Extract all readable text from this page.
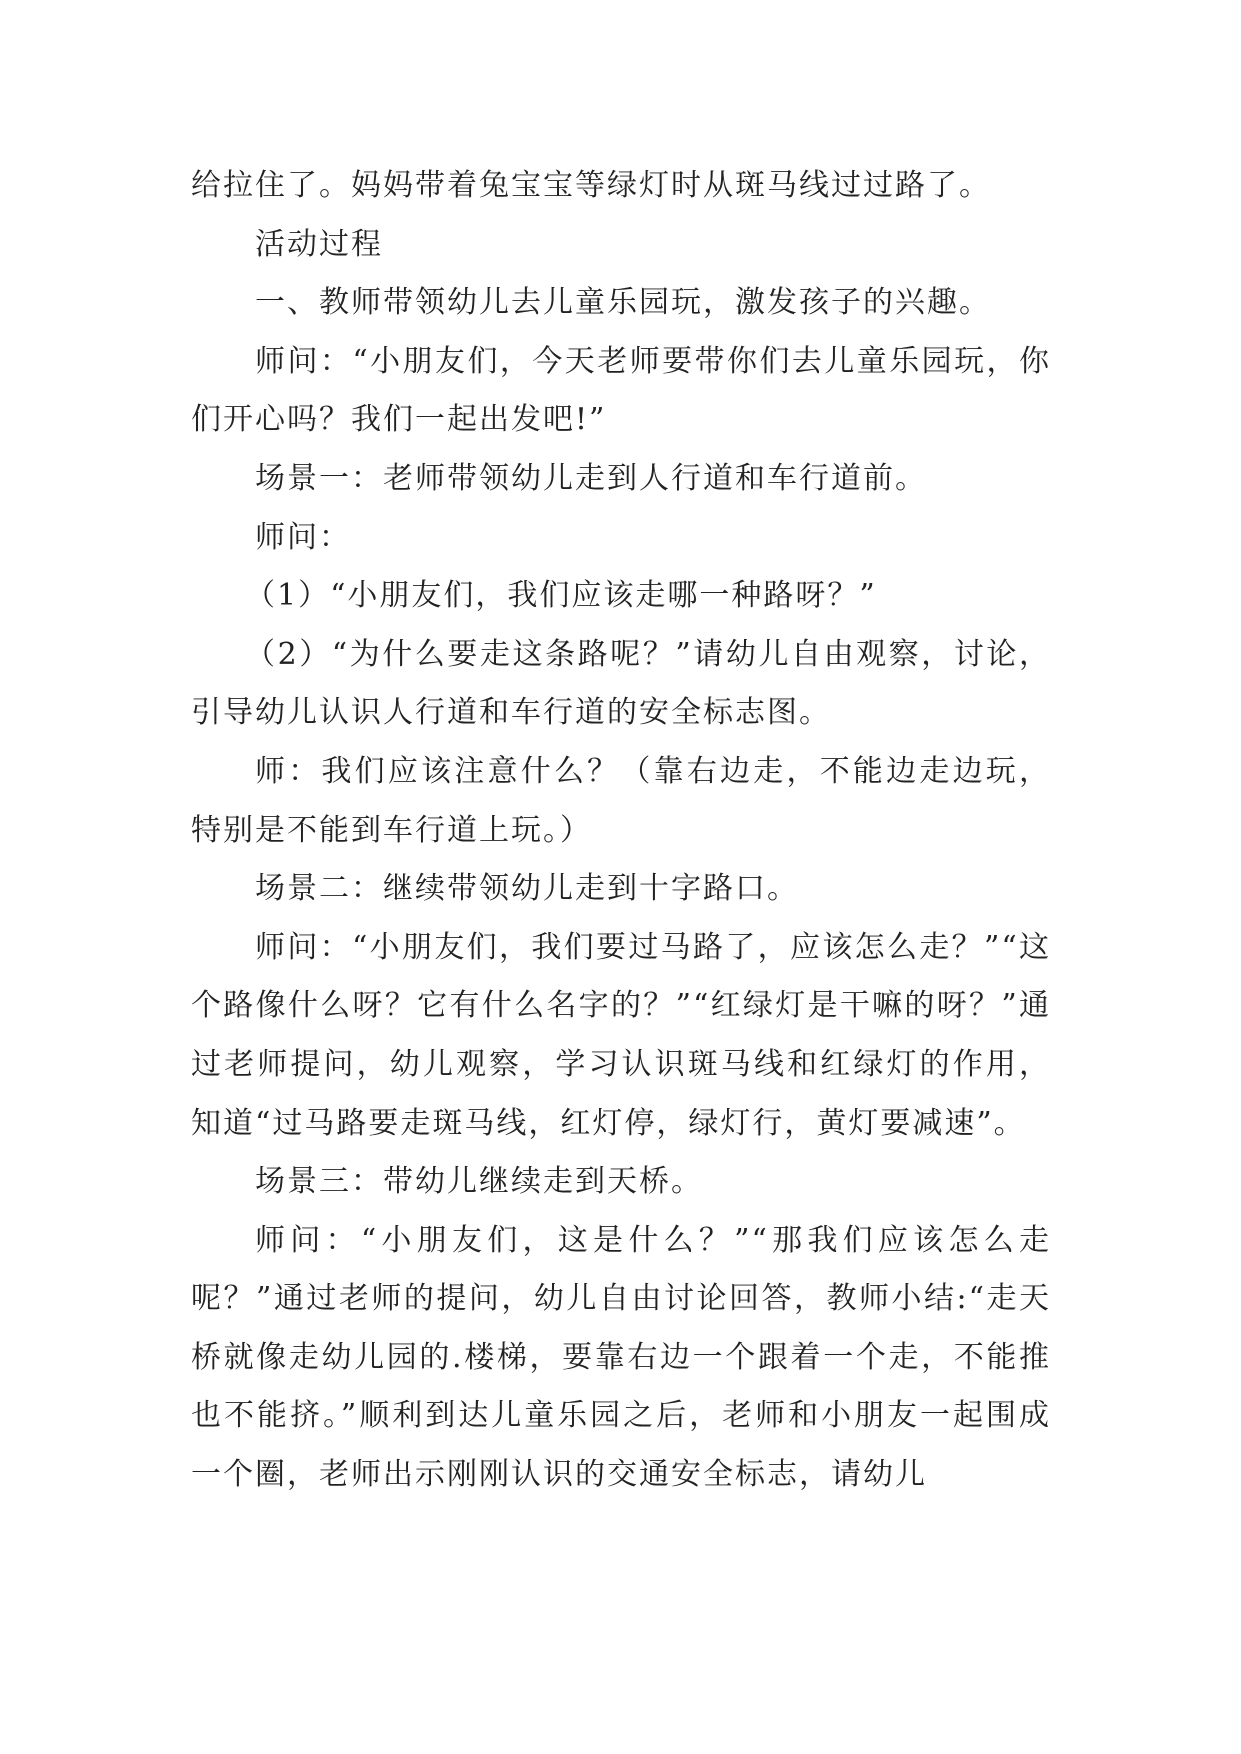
给拉住了。妈妈带着兔宝宝等绿灯时从斑马线过过路了。

活动过程

一、教师带领幼儿去儿童乐园玩，激发孩子的兴趣。

师问：“小朋友们，今天老师要带你们去儿童乐园玩，你们开心吗？我们一起出发吧!”

场景一：老师带领幼儿走到人行道和车行道前。

师问：

（1）“小朋友们，我们应该走哪一种路呀？”

（2）“为什么要走这条路呢？”请幼儿自由观察，讨论，引导幼儿认识人行道和车行道的安全标志图。

师：我们应该注意什么？（靠右边走，不能边走边玩，特别是不能到车行道上玩。）

场景二：继续带领幼儿走到十字路口。

师问：“小朋友们，我们要过马路了，应该怎么走？”“这个路像什么呀？它有什么名字的？”“红绿灯是干嘛的呀？”通过老师提问，幼儿观察，学习认识斑马线和红绿灯的作用，知道“过马路要走斑马线，红灯停，绿灯行，黄灯要减速”。

场景三：带幼儿继续走到天桥。

师问：“小朋友们，这是什么？”“那我们应该怎么走呢？”通过老师的提问，幼儿自由讨论回答，教师小结:“走天桥就像走幼儿园的.楼梯，要靠右边一个跟着一个走，不能推也不能挤。”顺利到达儿童乐园之后，老师和小朋友一起围成一个圈，老师出示刚刚认识的交通安全标志，请幼儿
